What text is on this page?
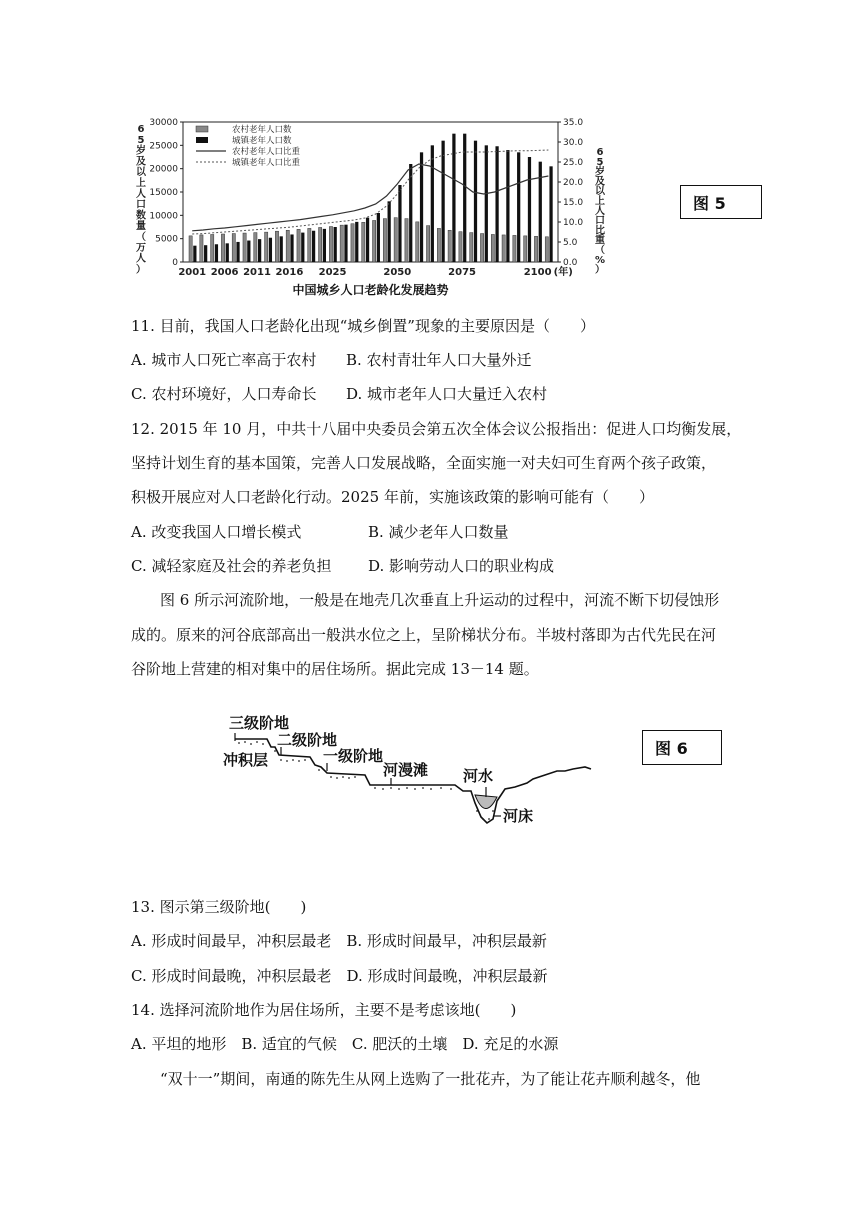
0
5000
10000
15000
20000
25000
30000
0.0
5.0
10.0
15.0
20.0
25.0
30.0
35.0
6
5
岁
及
以
上
人
口
数
量
（
万
人
）
6
5
岁
及
以
上
人
口
比
重
（
%
）
2001 2006 2011 2016 2025	2050	2075	2100 (年)
中国城乡人口老龄化发展趋势
农村老年人口数
城镇老年人口数
农村老年人口比重
城镇老年人口比重
图 5
11. 目前，我国人口老龄化出现“城乡倒置”现象的主要原因是（　　）
A. 城市人口死亡率高于农村 B. 农村青壮年人口大量外迁
C. 农村环境好，人口寿命长 D. 城市老年人口大量迁入农村
12. 2015 年 10 月，中共十八届中央委员会第五次全体会议公报指出：促进人口均衡发展，
坚持计划生育的基本国策，完善人口发展战略，全面实施一对夫妇可生育两个孩子政策，
积极开展应对人口老龄化行动。2025 年前，实施该政策的影响可能有（　　）
A. 改变我国人口增长模式	B. 减少老年人口数量
C. 减轻家庭及社会的养老负担 D. 影响劳动人口的职业构成
图 6 所示河流阶地，一般是在地壳几次垂直上升运动的过程中，河流不断下切侵蚀形
成的。原来的河谷底部高出一般洪水位之上，呈阶梯状分布。半坡村落即为古代先民在河
谷阶地上营建的相对集中的居住场所。据此完成 13－14 题。
三级阶地
二级阶地
冲积层	一级阶地
河漫滩 河水
河床
图 6
13. 图示第三级阶地(　　)
A. 形成时间最早，冲积层最老　B. 形成时间最早，冲积层最新
C. 形成时间最晚，冲积层最老　D. 形成时间最晚，冲积层最新
14. 选择河流阶地作为居住场所，主要不是考虑该地(　　)
A. 平坦的地形　B. 适宜的气候　C. 肥沃的土壤　D. 充足的水源
“双十一”期间，南通的陈先生从网上选购了一批花卉，为了能让花卉顺利越冬，他
